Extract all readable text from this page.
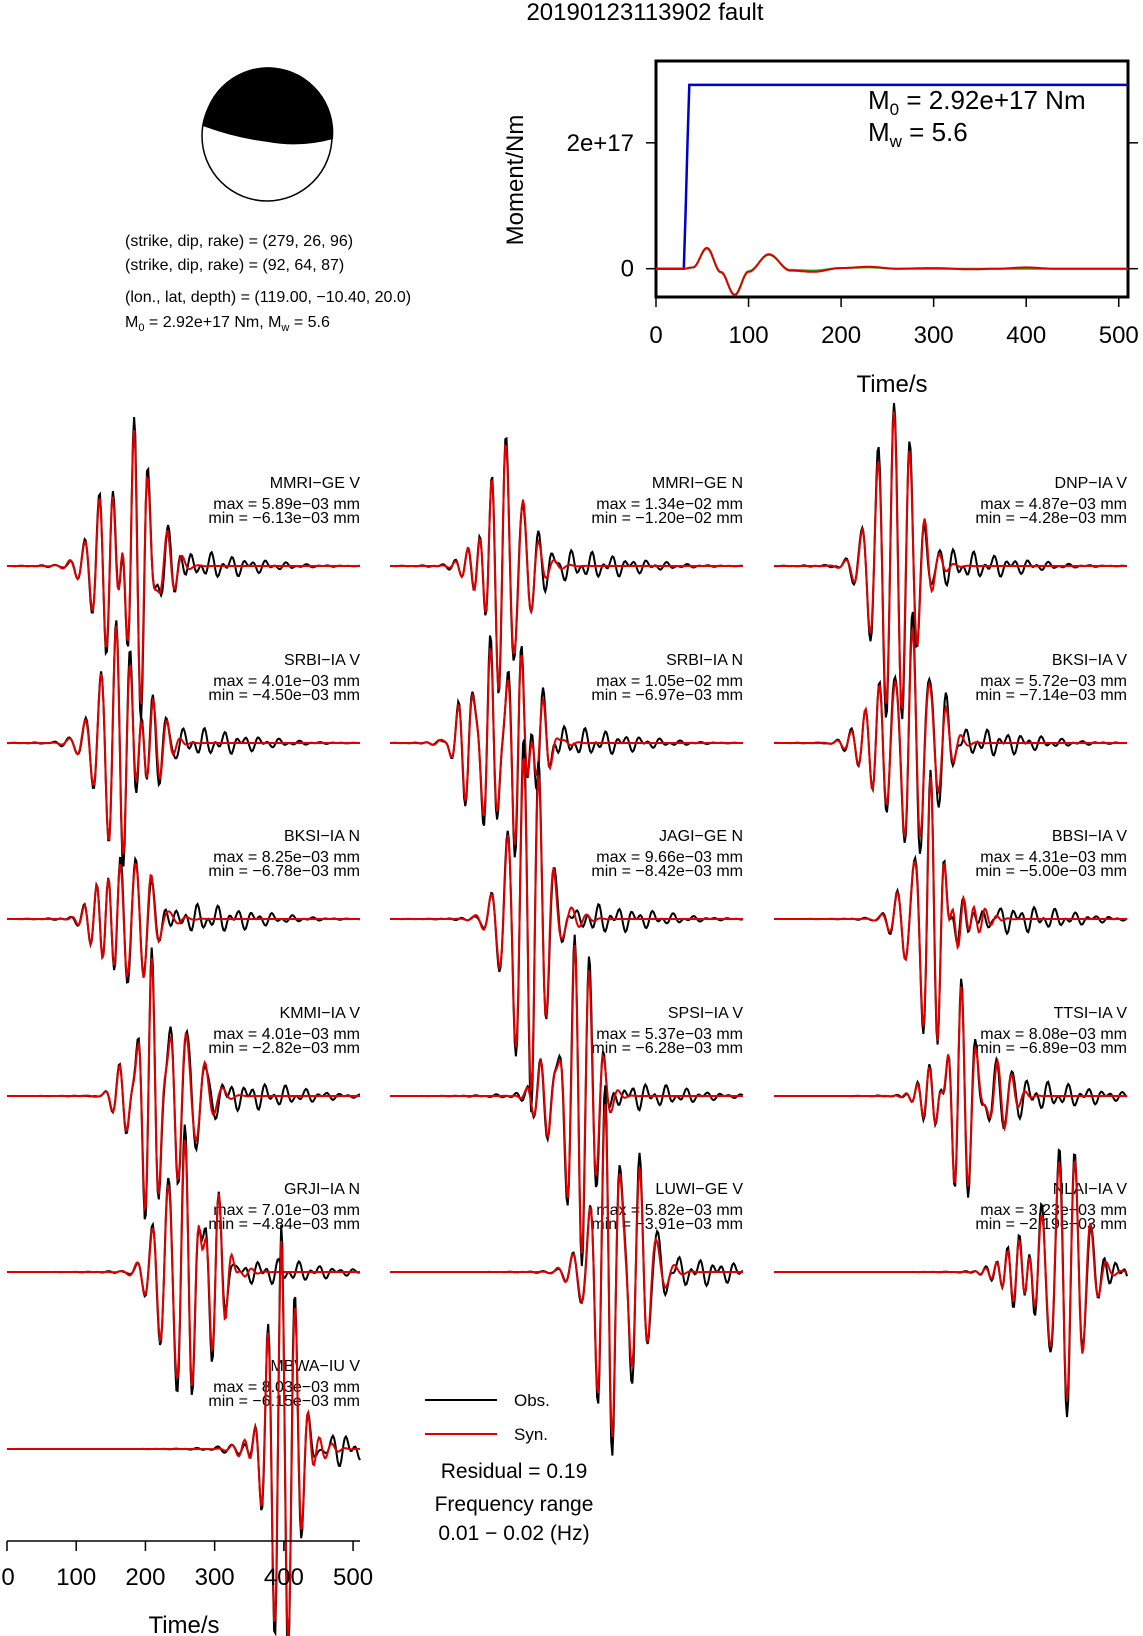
20190123113902 fault
(strike, dip, rake) = (279, 26, 96)
(strike, dip, rake) = (92, 64, 87)
(lon., lat, depth) = (119.00, −10.40, 20.0)
$M_0 = 2.92e+17$ Nm, $M_w = 5.6$	0	100 200 300 400 500
0
2e+17
Moment/Nm
Time/s
$M_0 = 2.92e+17$ Nm
$M_w = 5.6$
MMRI−GE V
max = 5.89e−03 mm
min = −6.13e−03 mm
MMRI−GE N
max = 1.34e−02 mm
min = −1.20e−02 mm
DNP−IA V
max = 4.87e−03 mm
min = −4.28e−03 mm
SRBI−IA V
max = 4.01e−03 mm
min = −4.50e−03 mm
SRBI−IA N
max = 1.05e−02 mm
min = −6.97e−03 mm
BKSI−IA V
max = 5.72e−03 mm
min = −7.14e−03 mm
BKSI−IA N
max = 8.25e−03 mm
min = −6.78e−03 mm
JAGI−GE N
max = 9.66e−03 mm
min = −8.42e−03 mm
BBSI−IA V
max = 4.31e−03 mm
min = −5.00e−03 mm
KMMI−IA V
max = 4.01e−03 mm
min = −2.82e−03 mm
SPSI−IA V
max = 5.37e−03 mm
min = −6.28e−03 mm
TTSI−IA V
max = 8.08e−03 mm
min = −6.89e−03 mm
GRJI−IA N
max = 7.01e−03 mm
min = −4.84e−03 mm
LUWI−GE V
max = 5.82e−03 mm
min = −3.91e−03 mm
NLAI−IA V
max = 3.23e−03 mm
min = −2.19e−03 mm
MBWA−IU V
max = 8.03e−03 mm
min = −6.15e−03 mm	Obs.
Syn.
Residual = 0.19
Frequency range
0.01 − 0.02 (Hz)
Time/s
0 100 200 300 400 500
